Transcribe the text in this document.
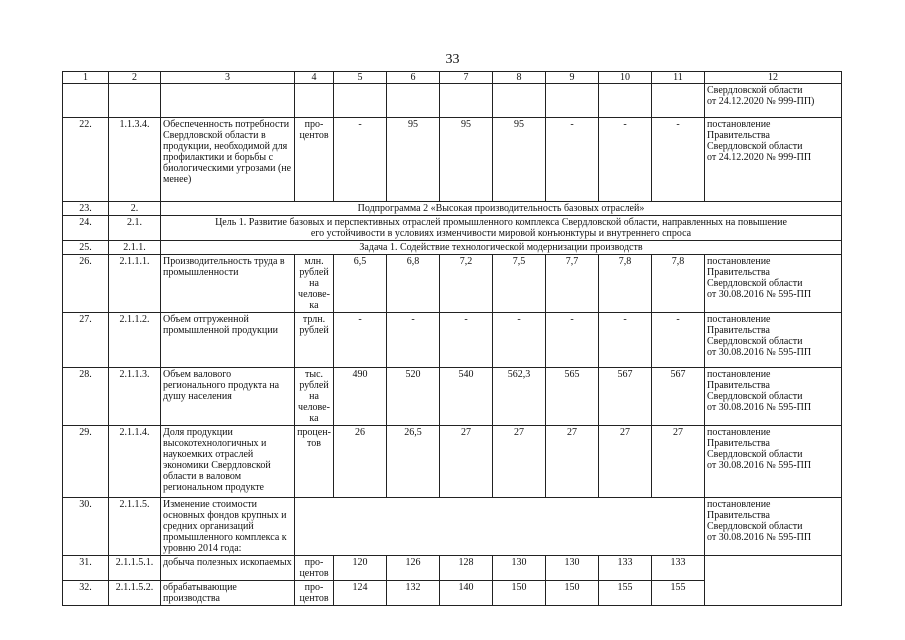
33
1	2	3	4	5	6	7	8	9	10	11	12
											Свердловской области
от 24.12.2020 № 999-ПП)
22.	1.1.3.4.	Обеспеченность потребности Свердловской области в продукции, необходимой для профилактики и борьбы с биологическими угрозами (не менее)	про-
центов	-	95	95	95	-	-	-	постановление
Правительства
Свердловской области
от 24.12.2020 № 999-ПП
23.	2.	Подпрограмма 2 «Высокая производительность базовых отраслей»									
24.	2.1.	Цель 1. Развитие базовых и перспективных отраслей промышленного комплекса Свердловской области, направленных на повышение
его устойчивости в условиях изменчивости мировой конъюнктуры и внутреннего спроса									
25.	2.1.1.	Задача 1. Содействие технологической модернизации производств									
26.	2.1.1.1.	Производительность труда в промышленности	млн.
рублей
на
челове-
ка	6,5	6,8	7,2	7,5	7,7	7,8	7,8	постановление
Правительства
Свердловской области
от 30.08.2016 № 595-ПП
27.	2.1.1.2.	Объем отгруженной промышленной продукции	трлн.
рублей	-	-	-	-	-	-	-	постановление
Правительства
Свердловской области
от 30.08.2016 № 595-ПП
28.	2.1.1.3.	Объем валового регионального продукта на душу населения	тыс.
рублей
на
челове-
ка	490	520	540	562,3	565	567	567	постановление
Правительства
Свердловской области
от 30.08.2016 № 595-ПП
29.	2.1.1.4.	Доля продукции высокотехнологичных и наукоемких отраслей экономики Свердловской области в валовом региональном продукте	процен-
тов	26	26,5	27	27	27	27	27	постановление
Правительства
Свердловской области
от 30.08.2016 № 595-ПП
30.	2.1.1.5.	Изменение стоимости основных фондов крупных и средних организаций промышленного комплекса к уровню 2014 года:									постановление
Правительства
Свердловской области
от 30.08.2016 № 595-ПП
31.	2.1.1.5.1.	добыча полезных ископаемых	про-
центов	120	126	128	130	130	133	133	
32.	2.1.1.5.2.	обрабатывающие производства	про-
центов	124	132	140	150	150	155	155	
